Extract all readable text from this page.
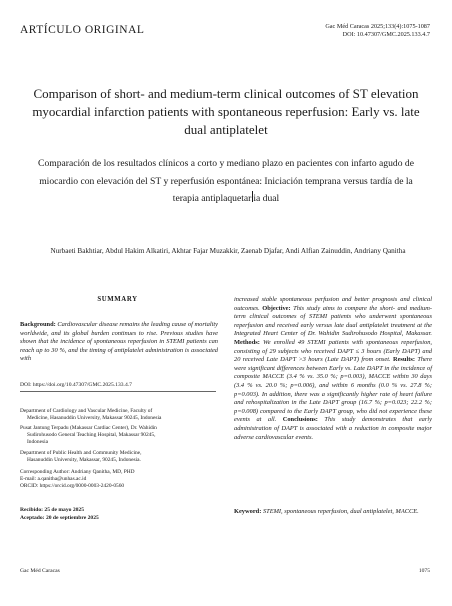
ARTÍCULO ORIGINAL	Gac Méd Caracas 2025;133(4):1075-1087
DOI: 10.47307/GMC.2025.133.4.7
Comparison of short- and medium-term clinical outcomes of ST elevation myocardial infarction patients with spontaneous reperfusion: Early vs. late dual antiplatelet
Comparación de los resultados clínicos a corto y mediano plazo en pacientes con infarto agudo de miocardio con elevación del ST y reperfusión espontánea: Iniciación temprana versus tardía de la terapia antiplaquetar ia dual
Nurbaeti Bakhtiar, Abdul Hakim Alkatiri, Akhtar Fajar Muzakkir, Zaenab Djafar, Andi Alfian Zainuddin, Andriany Qanitha
SUMMARY
Background: Cardiovascular disease remains the leading cause of mortality worldwide, and its global burden continues to rise. Previous studies have shown that the incidence of spontaneous reperfusion in STEMI patients can reach up to 30 %, and the timing of antiplatelet administration is associated with
DOI: https://doi.org/10.47307/GMC.2025.133.4.7
Department of Cardiology and Vascular Medicine, Faculty of
Medicine, Hasanuddin University, Makassar 90245, Indonesia
Pusat Jantung Terpadu (Makassar Cardiac Center), Dr. Wahidin
Sudirohusodo General Teaching Hospital, Makassar 90245,
Indonesia
Department of Public Health and Community Medicine,
Hasanuddin University, Makassar, 90245, Indonesia.
Corresponding Author: Andriany Qanitha, MD, PHD
E-mail: a.qanitha@unhas.ac.id
ORCID: https://orcid.org/0000-0003-2420-0560
Recibido: 25 de mayo 2025
Aceptado: 20 de septiembre 2025
increased stable spontaneous perfusion and better prognosis and clinical outcomes. Objective: This study aims to compare the short- and medium-term clinical outcomes of STEMI patients who underwent spontaneous reperfusion and received early versus late dual antiplatelet treatment at the Integrated Heart Center of Dr. Wahidin Sudirohusodo Hospital, Makassar. Methods: We enrolled 49 STEMI patients with spontaneous reperfusion, consisting of 29 subjects who received DAPT ≤ 3 hours (Early DAPT) and 20 received Late DAPT >3 hours (Late DAPT) from onset. Results: There were significant differences between Early vs. Late DAPT in the incidence of composite MACCE (3.4 % vs. 35.0 %; p=0.003), MACCE within 30 days (3.4 % vs. 20.0 %; p=0.006), and within 6 months (0.0 % vs. 27.8 %; p=0.003). In addition, there was a significantly higher rate of heart failure and rehospitalization in the Late DAPT group (16.7 %; p=0.023; 22.2 %; p=0.008) compared to the Early DAPT group, who did not experience these events at all. Conclusions: This study demonstrates that early administration of DAPT is associated with a reduction in composite major adverse cardiovascular events.
Keyword: STEMI, spontaneous reperfusion, dual antiplatelet, MACCE.
Gac Méd Caracas	1075
